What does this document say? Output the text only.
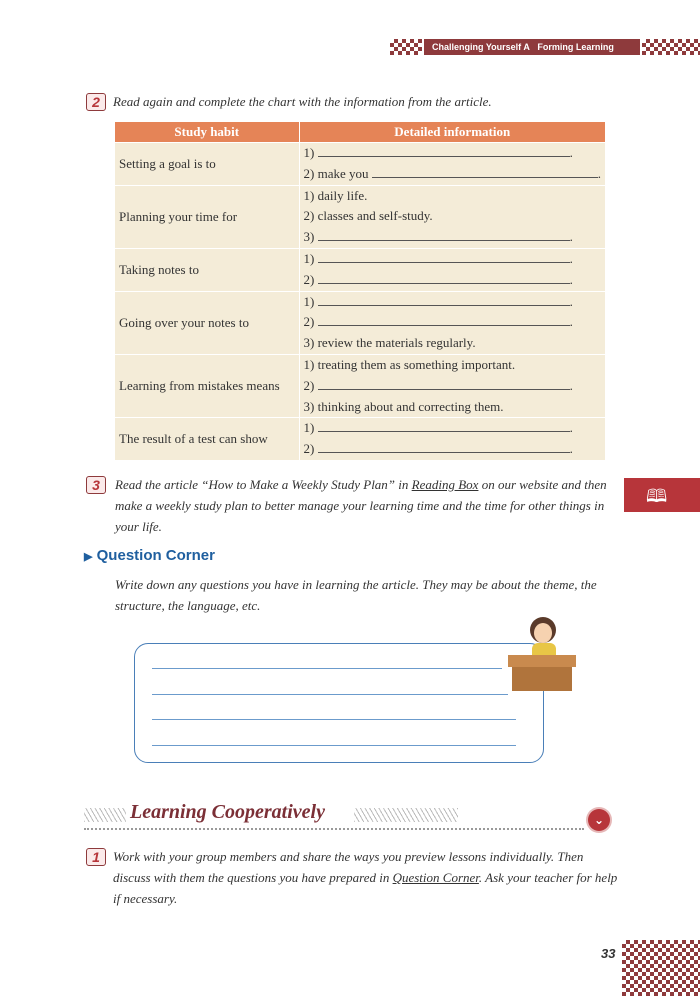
Challenging Yourself A Forming Learning Habits
2	Read again and complete the chart with the information from the article.
Study habit	Detailed information
Setting a goal is to	1) .
2) make you .

Planning your time for	1) daily life.
2) classes and self-study.
3) .

Taking notes to	1) .
2) .

Going over your notes to	1) .
2) .
3) review the materials regularly.

Learning from mistakes means	1) treating them as something important.
2) .
3) thinking about and correcting them.

The result of a test can show	1) .
2) .
3	Read the article “How to Make a Weekly Study Plan” in Reading Box on our website and then make a weekly study plan to better manage your learning time and the time for other things in your life.
🕮
▶ Question Corner
Write down any questions you have in learning the article. They may be about the theme, the structure, the language, etc.
Learning Cooperatively	⌄
1	Work with your group members and share the ways you preview lessons individually. Then discuss with them the questions you have prepared in Question Corner. Ask your teacher for help if necessary.
33
